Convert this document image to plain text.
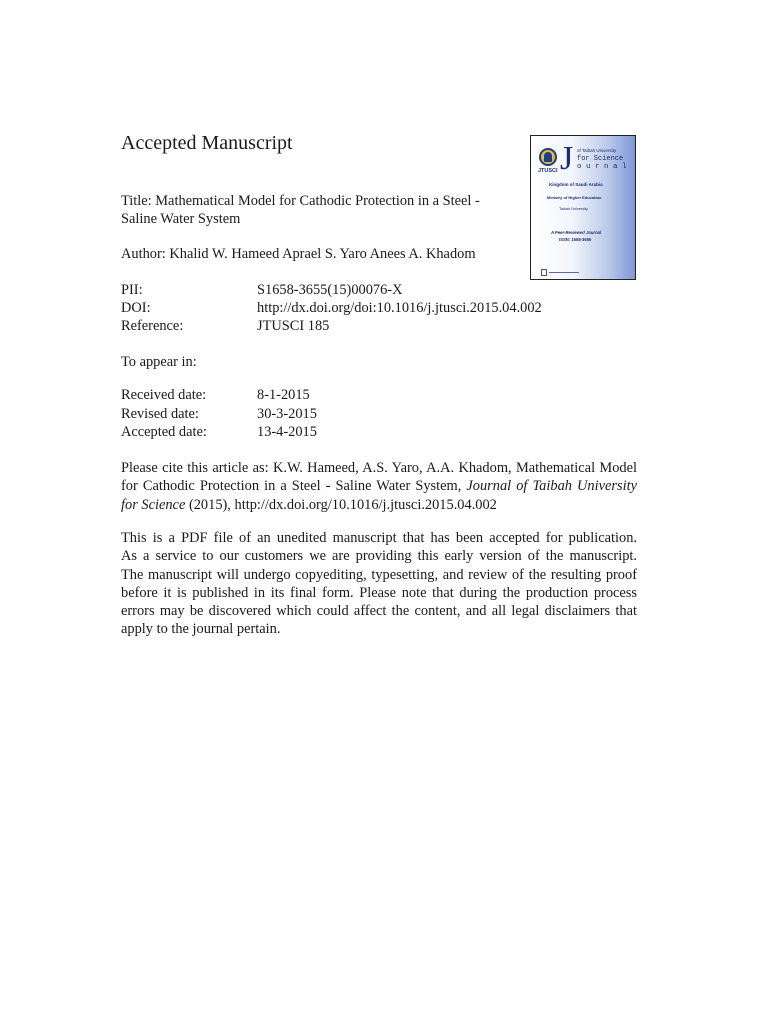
Accepted Manuscript
Title: Mathematical Model for Cathodic Protection in a Steel -
Saline Water System
Author: Khalid W. Hameed Aprael S. Yaro Anees A. Khadom
PII:	S1658-3655(15)00076-X
DOI:	http://dx.doi.org/doi:10.1016/j.jtusci.2015.04.002
Reference:	JTUSCI 185
To appear in:
Received date:	8-1-2015
Revised date:	30-3-2015
Accepted date:	13-4-2015
Please cite this article as: K.W. Hameed, A.S. Yaro, A.A. Khadom, Mathematical Model
for Cathodic Protection in a Steel - Saline Water System, Journal of Taibah University
for Science (2015), http://dx.doi.org/10.1016/j.jtusci.2015.04.002
This is a PDF file of an unedited manuscript that has been accepted for publication.
As a service to our customers we are providing this early version of the manuscript.
The manuscript will undergo copyediting, typesetting, and review of the resulting proof
before it is published in its final form. Please note that during the production process
errors may be discovered which could affect the content, and all legal disclaimers that
apply to the journal pertain.
JTUSCI J of Taibah University
for Science
o u r n a l
Kingdom of Saudi Arabia
Ministry of Higher Education
Taibah University
A Peer-Reviewed Journal
ISSN: 1658-3655
